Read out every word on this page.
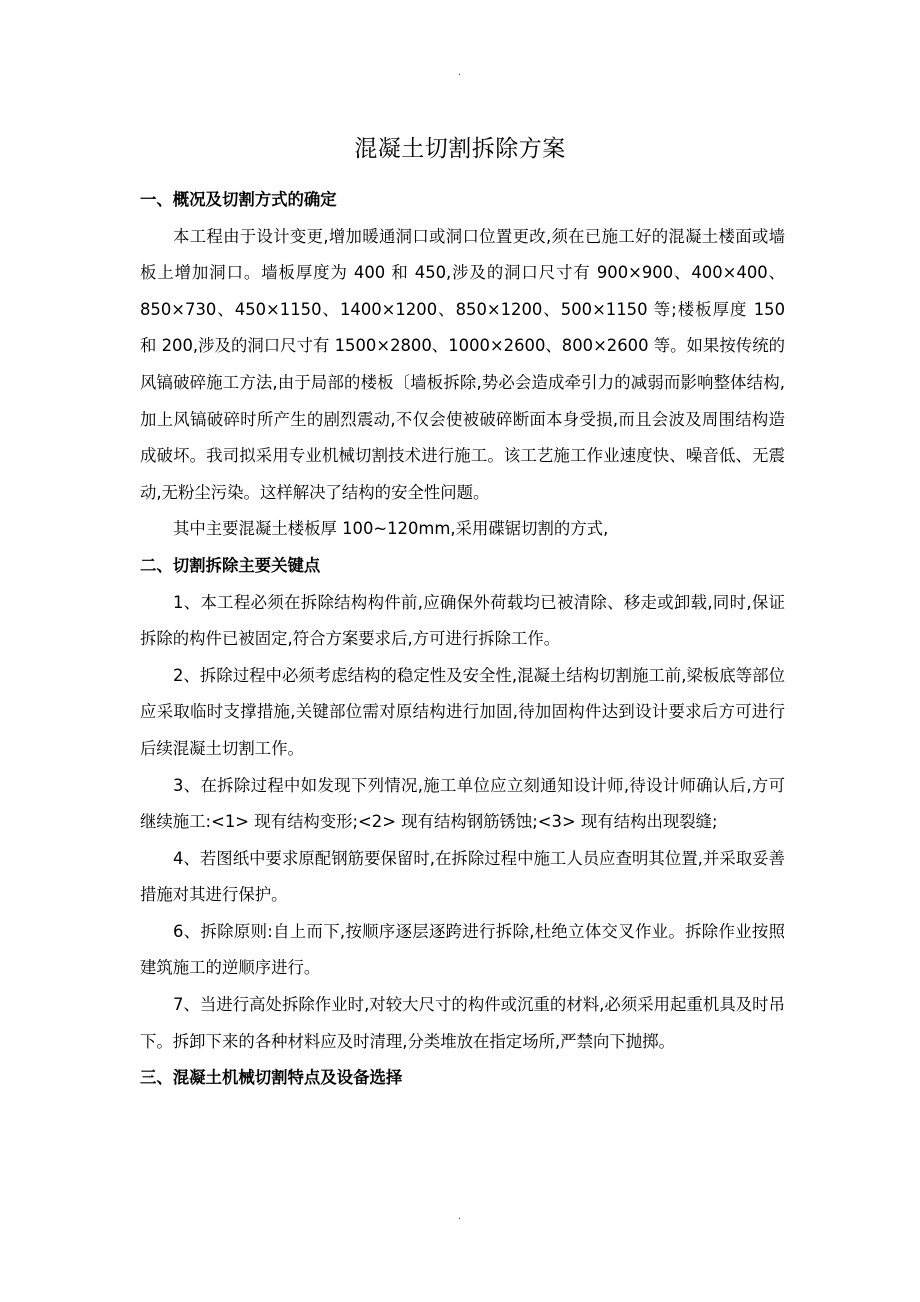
.
混凝土切割拆除方案
一、概况及切割方式的确定

本工程由于设计变更,增加暖通洞口或洞口位置更改,须在已施工好的混凝土楼面或墙板上增加洞口。墙板厚度为 400 和 450,涉及的洞口尺寸有 900×900、400×400、850×730、450×1150、1400×1200、850×1200、500×1150 等;楼板厚度 150 和 200,涉及的洞口尺寸有 1500×2800、1000×2600、800×2600 等。如果按传统的风镐破碎施工方法,由于局部的楼板〔墙板拆除,势必会造成牵引力的减弱而影响整体结构,加上风镐破碎时所产生的剧烈震动,不仅会使被破碎断面本身受损,而且会波及周围结构造成破坏。我司拟采用专业机械切割技术进行施工。该工艺施工作业速度快、噪音低、无震动,无粉尘污染。这样解决了结构的安全性问题。

其中主要混凝土楼板厚 100~120mm,采用碟锯切割的方式,

二、切割拆除主要关键点

1、本工程必须在拆除结构构件前,应确保外荷载均已被清除、移走或卸载,同时,保证拆除的构件已被固定,符合方案要求后,方可进行拆除工作。

2、拆除过程中必须考虑结构的稳定性及安全性,混凝土结构切割施工前,梁板底等部位应采取临时支撑措施,关键部位需对原结构进行加固,待加固构件达到设计要求后方可进行后续混凝土切割工作。

3、在拆除过程中如发现下列情况,施工单位应立刻通知设计师,待设计师确认后,方可继续施工:<1> 现有结构变形;<2> 现有结构钢筋锈蚀;<3> 现有结构出现裂缝;

4、若图纸中要求原配钢筋要保留时,在拆除过程中施工人员应查明其位置,并采取妥善措施对其进行保护。

6、拆除原则:自上而下,按顺序逐层逐跨进行拆除,杜绝立体交叉作业。拆除作业按照建筑施工的逆顺序进行。

7、当进行高处拆除作业时,对较大尺寸的构件或沉重的材料,必须采用起重机具及时吊下。拆卸下来的各种材料应及时清理,分类堆放在指定场所,严禁向下抛掷。

三、混凝土机械切割特点及设备选择
.
